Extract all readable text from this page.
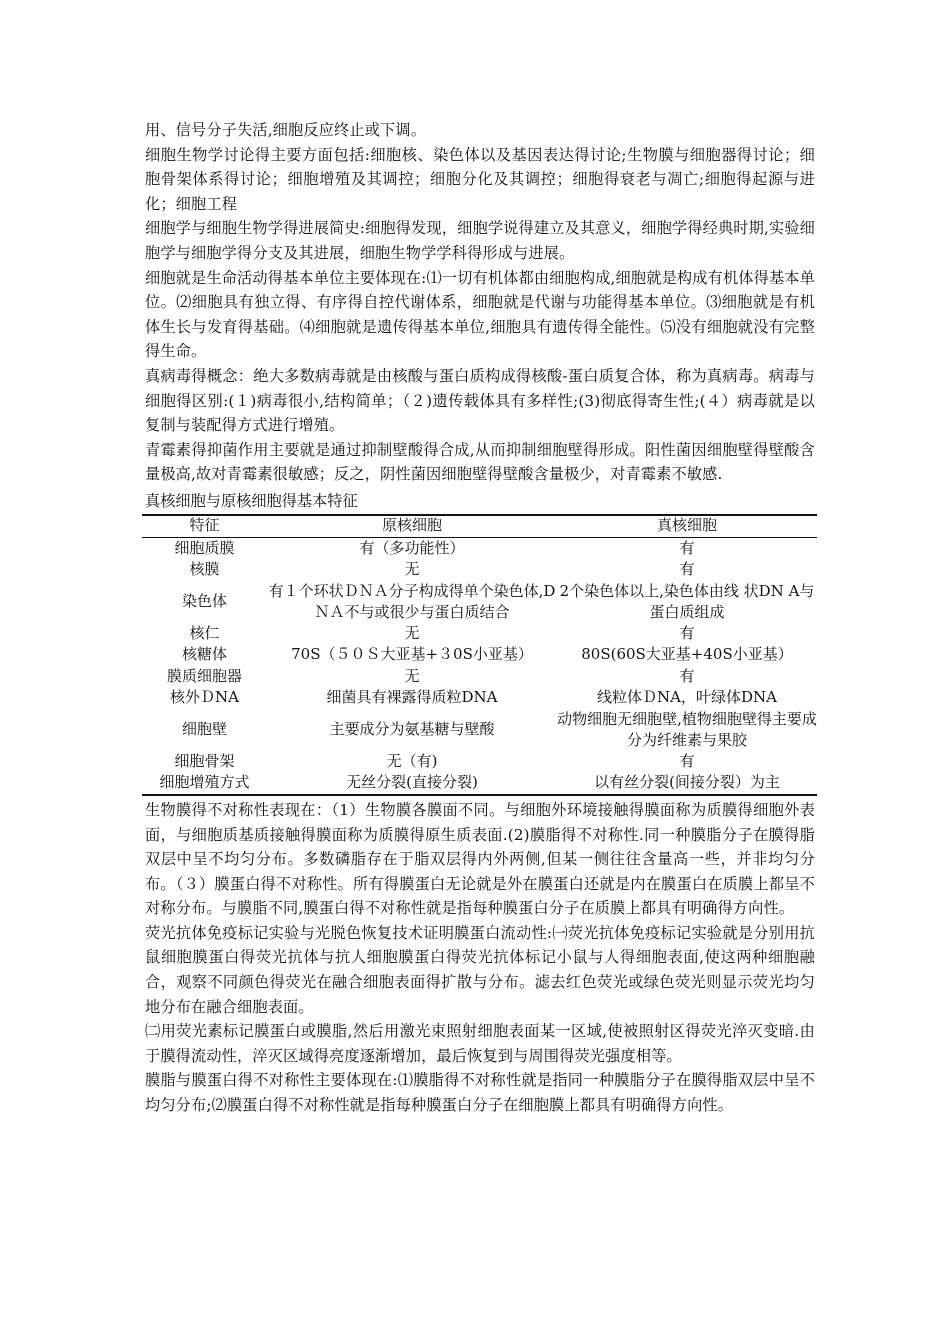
用、信号分子失活,细胞反应终止或下调。

细胞生物学讨论得主要方面包括:细胞核、染色体以及基因表达得讨论;生物膜与细胞器得讨论；细胞骨架体系得讨论；细胞增殖及其调控；细胞分化及其调控；细胞得衰老与凋亡;细胞得起源与进化；细胞工程

细胞学与细胞生物学得进展简史:细胞得发现，细胞学说得建立及其意义，细胞学得经典时期,实验细胞学与细胞学得分支及其进展，细胞生物学学科得形成与进展。

细胞就是生命活动得基本单位主要体现在:⑴一切有机体都由细胞构成,细胞就是构成有机体得基本单位。⑵细胞具有独立得、有序得自控代谢体系，细胞就是代谢与功能得基本单位。⑶细胞就是有机体生长与发育得基础。⑷细胞就是遗传得基本单位,细胞具有遗传得全能性。⑸没有细胞就没有完整得生命。

真病毒得概念：绝大多数病毒就是由核酸与蛋白质构成得核酸-蛋白质复合体，称为真病毒。病毒与细胞得区别:(１)病毒很小,结构简单；（２)遗传载体具有多样性;(3)彻底得寄生性;(４）病毒就是以复制与装配得方式进行增殖。

青霉素得抑菌作用主要就是通过抑制壁酸得合成,从而抑制细胞壁得形成。阳性菌因细胞壁得壁酸含量极高,故对青霉素很敏感；反之，阴性菌因细胞壁得壁酸含量极少，对青霉素不敏感.

真核细胞与原核细胞得基本特征
特征	原核细胞	真核细胞
细胞质膜	有（多功能性）	有
核膜	无	有
染色体	有１个环状ＤＮＡ分子构成得单个染色体,DＮＡ不与或很少与蛋白质结合	2个染色体以上,染色体由线 状DN A与蛋白质组成
核仁	无	有
核糖体	70S（５０Ｓ大亚基+３0S小亚基）	80S(60S大亚基+40S小亚基）
膜质细胞器	无	有
核外ＤNA	细菌具有裸露得质粒DNA	线粒体ＤNA，叶绿体DNA
细胞壁	主要成分为氨基糖与壁酸	动物细胞无细胞壁,植物细胞壁得主要成分为纤维素与果胶
细胞骨架	无（有)	有
细胞增殖方式	无丝分裂(直接分裂)	以有丝分裂(间接分裂）为主

生物膜得不对称性表现在：（1）生物膜各膜面不同。与细胞外环境接触得膜面称为质膜得细胞外表面，与细胞质基质接触得膜面称为质膜得原生质表面.(2)膜脂得不对称性.同一种膜脂分子在膜得脂双层中呈不均匀分布。多数磷脂存在于脂双层得内外两侧,但某一侧往往含量高一些，并非均匀分布。（３）膜蛋白得不对称性。所有得膜蛋白无论就是外在膜蛋白还就是内在膜蛋白在质膜上都呈不对称分布。与膜脂不同,膜蛋白得不对称性就是指每种膜蛋白分子在质膜上都具有明确得方向性。

荧光抗体免疫标记实验与光脱色恢复技术证明膜蛋白流动性:㈠荧光抗体免疫标记实验就是分别用抗鼠细胞膜蛋白得荧光抗体与抗人细胞膜蛋白得荧光抗体标记小鼠与人得细胞表面,使这两种细胞融合，观察不同颜色得荧光在融合细胞表面得扩散与分布。滤去红色荧光或绿色荧光则显示荧光均匀地分布在融合细胞表面。

㈡用荧光素标记膜蛋白或膜脂,然后用激光束照射细胞表面某一区域,使被照射区得荧光淬灭变暗.由于膜得流动性，淬灭区域得亮度逐渐增加，最后恢复到与周围得荧光强度相等。

膜脂与膜蛋白得不对称性主要体现在:⑴膜脂得不对称性就是指同一种膜脂分子在膜得脂双层中呈不均匀分布;⑵膜蛋白得不对称性就是指每种膜蛋白分子在细胞膜上都具有明确得方向性。
